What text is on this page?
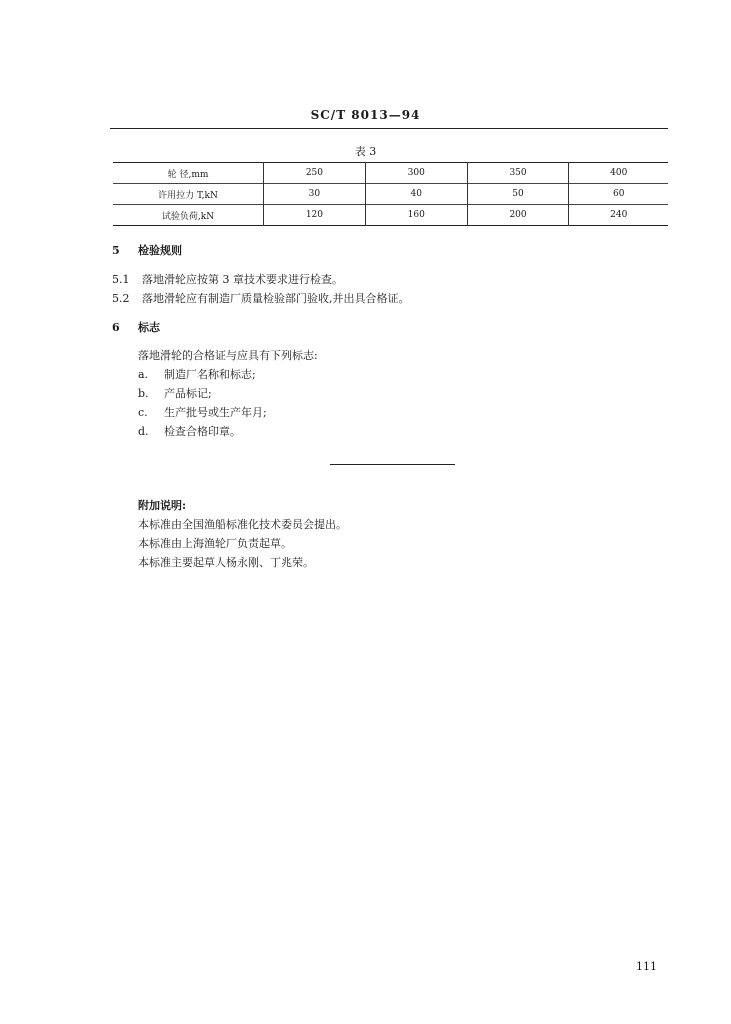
SC/T 8013—94
表 3
轮 径,mm	250	300	350	400
许用拉力 T,kN	30	40	50	60
试验负荷,kN	120	160	200	240
5 检验规则
5.1 落地滑轮应按第 3 章技术要求进行检查。
5.2 落地滑轮应有制造厂质量检验部门验收,并出具合格证。
6 标志
落地滑轮的合格证与应具有下列标志:
a. 制造厂名称和标志;
b. 产品标记;
c. 生产批号或生产年月;
d. 检查合格印章。
附加说明:
本标准由全国渔船标准化技术委员会提出。
本标准由上海渔轮厂负责起草。
本标准主要起草人杨永刚、丁兆荣。
111
